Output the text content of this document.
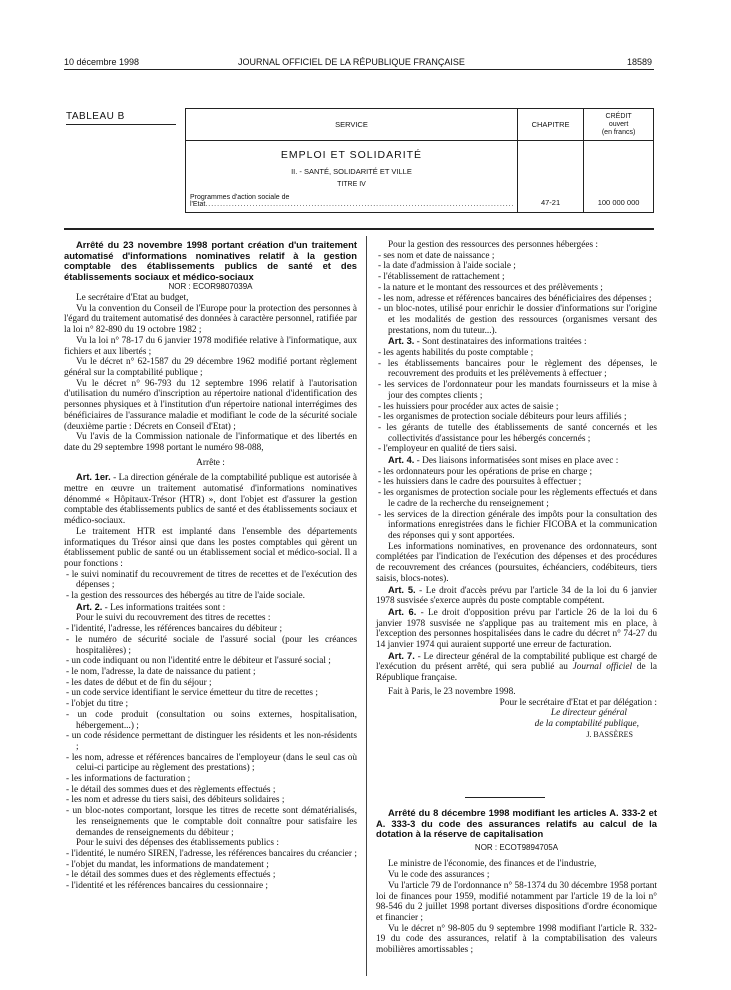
10 décembre 1998	JOURNAL OFFICIEL DE LA RÉPUBLIQUE FRANÇAISE	18589
TABLEAU B
SERVICE	CHAPITRE	CRÉDIT
ouvert
(en francs)

EMPLOI ET SOLIDARITÉ
II. - SANTÉ, SOLIDARITÉ ET VILLE
TITRE IV
Programmes d'action sociale de l'Etat.........................................................................................................	47-21	100 000 000

Arrêté du 23 novembre 1998 portant création d'un traitement automatisé d'informations nominatives relatif à la gestion comptable des établissements publics de santé et des établissements sociaux et médico-sociaux

NOR : ECOR9807039A

Le secrétaire d'Etat au budget,

Vu la convention du Conseil de l'Europe pour la protection des personnes à l'égard du traitement automatisé des données à caractère personnel, ratifiée par la loi n° 82-890 du 19 octobre 1982 ;

Vu la loi n° 78-17 du 6 janvier 1978 modifiée relative à l'informatique, aux fichiers et aux libertés ;

Vu le décret n° 62-1587 du 29 décembre 1962 modifié portant règlement général sur la comptabilité publique ;

Vu le décret n° 96-793 du 12 septembre 1996 relatif à l'autorisation d'utilisation du numéro d'inscription au répertoire national d'identification des personnes physiques et à l'institution d'un répertoire national interrégimes des bénéficiaires de l'assurance maladie et modifiant le code de la sécurité sociale (deuxième partie : Décrets en Conseil d'Etat) ;

Vu l'avis de la Commission nationale de l'informatique et des libertés en date du 29 septembre 1998 portant le numéro 98-088,

Arrête :

Art. 1er. - La direction générale de la comptabilité publique est autorisée à mettre en œuvre un traitement automatisé d'informations nominatives dénommé « Hôpitaux-Trésor (HTR) », dont l'objet est d'assurer la gestion comptable des établissements publics de santé et des établissements sociaux et médico-sociaux.

Le traitement HTR est implanté dans l'ensemble des départements informatiques du Trésor ainsi que dans les postes comptables qui gèrent un établissement public de santé ou un établissement social et médico-social. Il a pour fonctions :

- le suivi nominatif du recouvrement de titres de recettes et de l'exécution des dépenses ;

- la gestion des ressources des hébergés au titre de l'aide sociale.

Art. 2. - Les informations traitées sont :

Pour le suivi du recouvrement des titres de recettes :

- l'identité, l'adresse, les références bancaires du débiteur ;

- le numéro de sécurité sociale de l'assuré social (pour les créances hospitalières) ;

- un code indiquant ou non l'identité entre le débiteur et l'assuré social ;

- le nom, l'adresse, la date de naissance du patient ;

- les dates de début et de fin du séjour ;

- un code service identifiant le service émetteur du titre de recettes ;

- l'objet du titre ;

- un code produit (consultation ou soins externes, hospitalisation, hébergement...) ;

- un code résidence permettant de distinguer les résidents et les non-résidents ;

- les nom, adresse et références bancaires de l'employeur (dans le seul cas où celui-ci participe au règlement des prestations) ;

- les informations de facturation ;

- le détail des sommes dues et des règlements effectués ;

- les nom et adresse du tiers saisi, des débiteurs solidaires ;

- un bloc-notes comportant, lorsque les titres de recette sont dématérialisés, les renseignements que le comptable doit connaître pour satisfaire les demandes de renseignements du débiteur ;

Pour le suivi des dépenses des établissements publics :

- l'identité, le numéro SIREN, l'adresse, les références bancaires du créancier ;

- l'objet du mandat, les informations de mandatement ;

- le détail des sommes dues et des règlements effectués ;

- l'identité et les références bancaires du cessionnaire ;

Pour la gestion des ressources des personnes hébergées :

- ses nom et date de naissance ;

- la date d'admission à l'aide sociale ;

- l'établissement de rattachement ;

- la nature et le montant des ressources et des prélèvements ;

- les nom, adresse et références bancaires des bénéficiaires des dépenses ;

- un bloc-notes, utilisé pour enrichir le dossier d'informations sur l'origine et les modalités de gestion des ressources (organismes versant des prestations, nom du tuteur...).

Art. 3. - Sont destinataires des informations traitées :

- les agents habilités du poste comptable ;

- les établissements bancaires pour le règlement des dépenses, le recouvrement des produits et les prélèvements à effectuer ;

- les services de l'ordonnateur pour les mandats fournisseurs et la mise à jour des comptes clients ;

- les huissiers pour procéder aux actes de saisie ;

- les organismes de protection sociale débiteurs pour leurs affiliés ;

- les gérants de tutelle des établissements de santé concernés et les collectivités d'assistance pour les hébergés concernés ;

- l'employeur en qualité de tiers saisi.

Art. 4. - Des liaisons informatisées sont mises en place avec :

- les ordonnateurs pour les opérations de prise en charge ;

- les huissiers dans le cadre des poursuites à effectuer ;

- les organismes de protection sociale pour les règlements effectués et dans le cadre de la recherche du renseignement ;

- les services de la direction générale des impôts pour la consultation des informations enregistrées dans le fichier FICOBA et la communication des réponses qui y sont apportées.

Les informations nominatives, en provenance des ordonnateurs, sont complétées par l'indication de l'exécution des dépenses et des procédures de recouvrement des créances (poursuites, échéanciers, codébiteurs, tiers saisis, blocs-notes).

Art. 5. - Le droit d'accès prévu par l'article 34 de la loi du 6 janvier 1978 susvisée s'exerce auprès du poste comptable compétent.

Art. 6. - Le droit d'opposition prévu par l'article 26 de la loi du 6 janvier 1978 susvisée ne s'applique pas au traitement mis en place, à l'exception des personnes hospitalisées dans le cadre du décret n° 74-27 du 14 janvier 1974 qui auraient supporté une erreur de facturation.

Art. 7. - Le directeur général de la comptabilité publique est chargé de l'exécution du présent arrêté, qui sera publié au Journal officiel de la République française.

Fait à Paris, le 23 novembre 1998.

Pour le secrétaire d'Etat et par délégation :

Le directeur général

de la comptabilité publique,

J. BASSÈRES

Arrêté du 8 décembre 1998 modifiant les articles A. 333-2 et A. 333-3 du code des assurances relatifs au calcul de la dotation à la réserve de capitalisation

NOR : ECOT9894705A

Le ministre de l'économie, des finances et de l'industrie,

Vu le code des assurances ;

Vu l'article 79 de l'ordonnance n° 58-1374 du 30 décembre 1958 portant loi de finances pour 1959, modifié notamment par l'article 19 de la loi n° 98-546 du 2 juillet 1998 portant diverses dispositions d'ordre économique et financier ;

Vu le décret n° 98-805 du 9 septembre 1998 modifiant l'article R. 332-19 du code des assurances, relatif à la comptabilisation des valeurs mobilières amortissables ;
